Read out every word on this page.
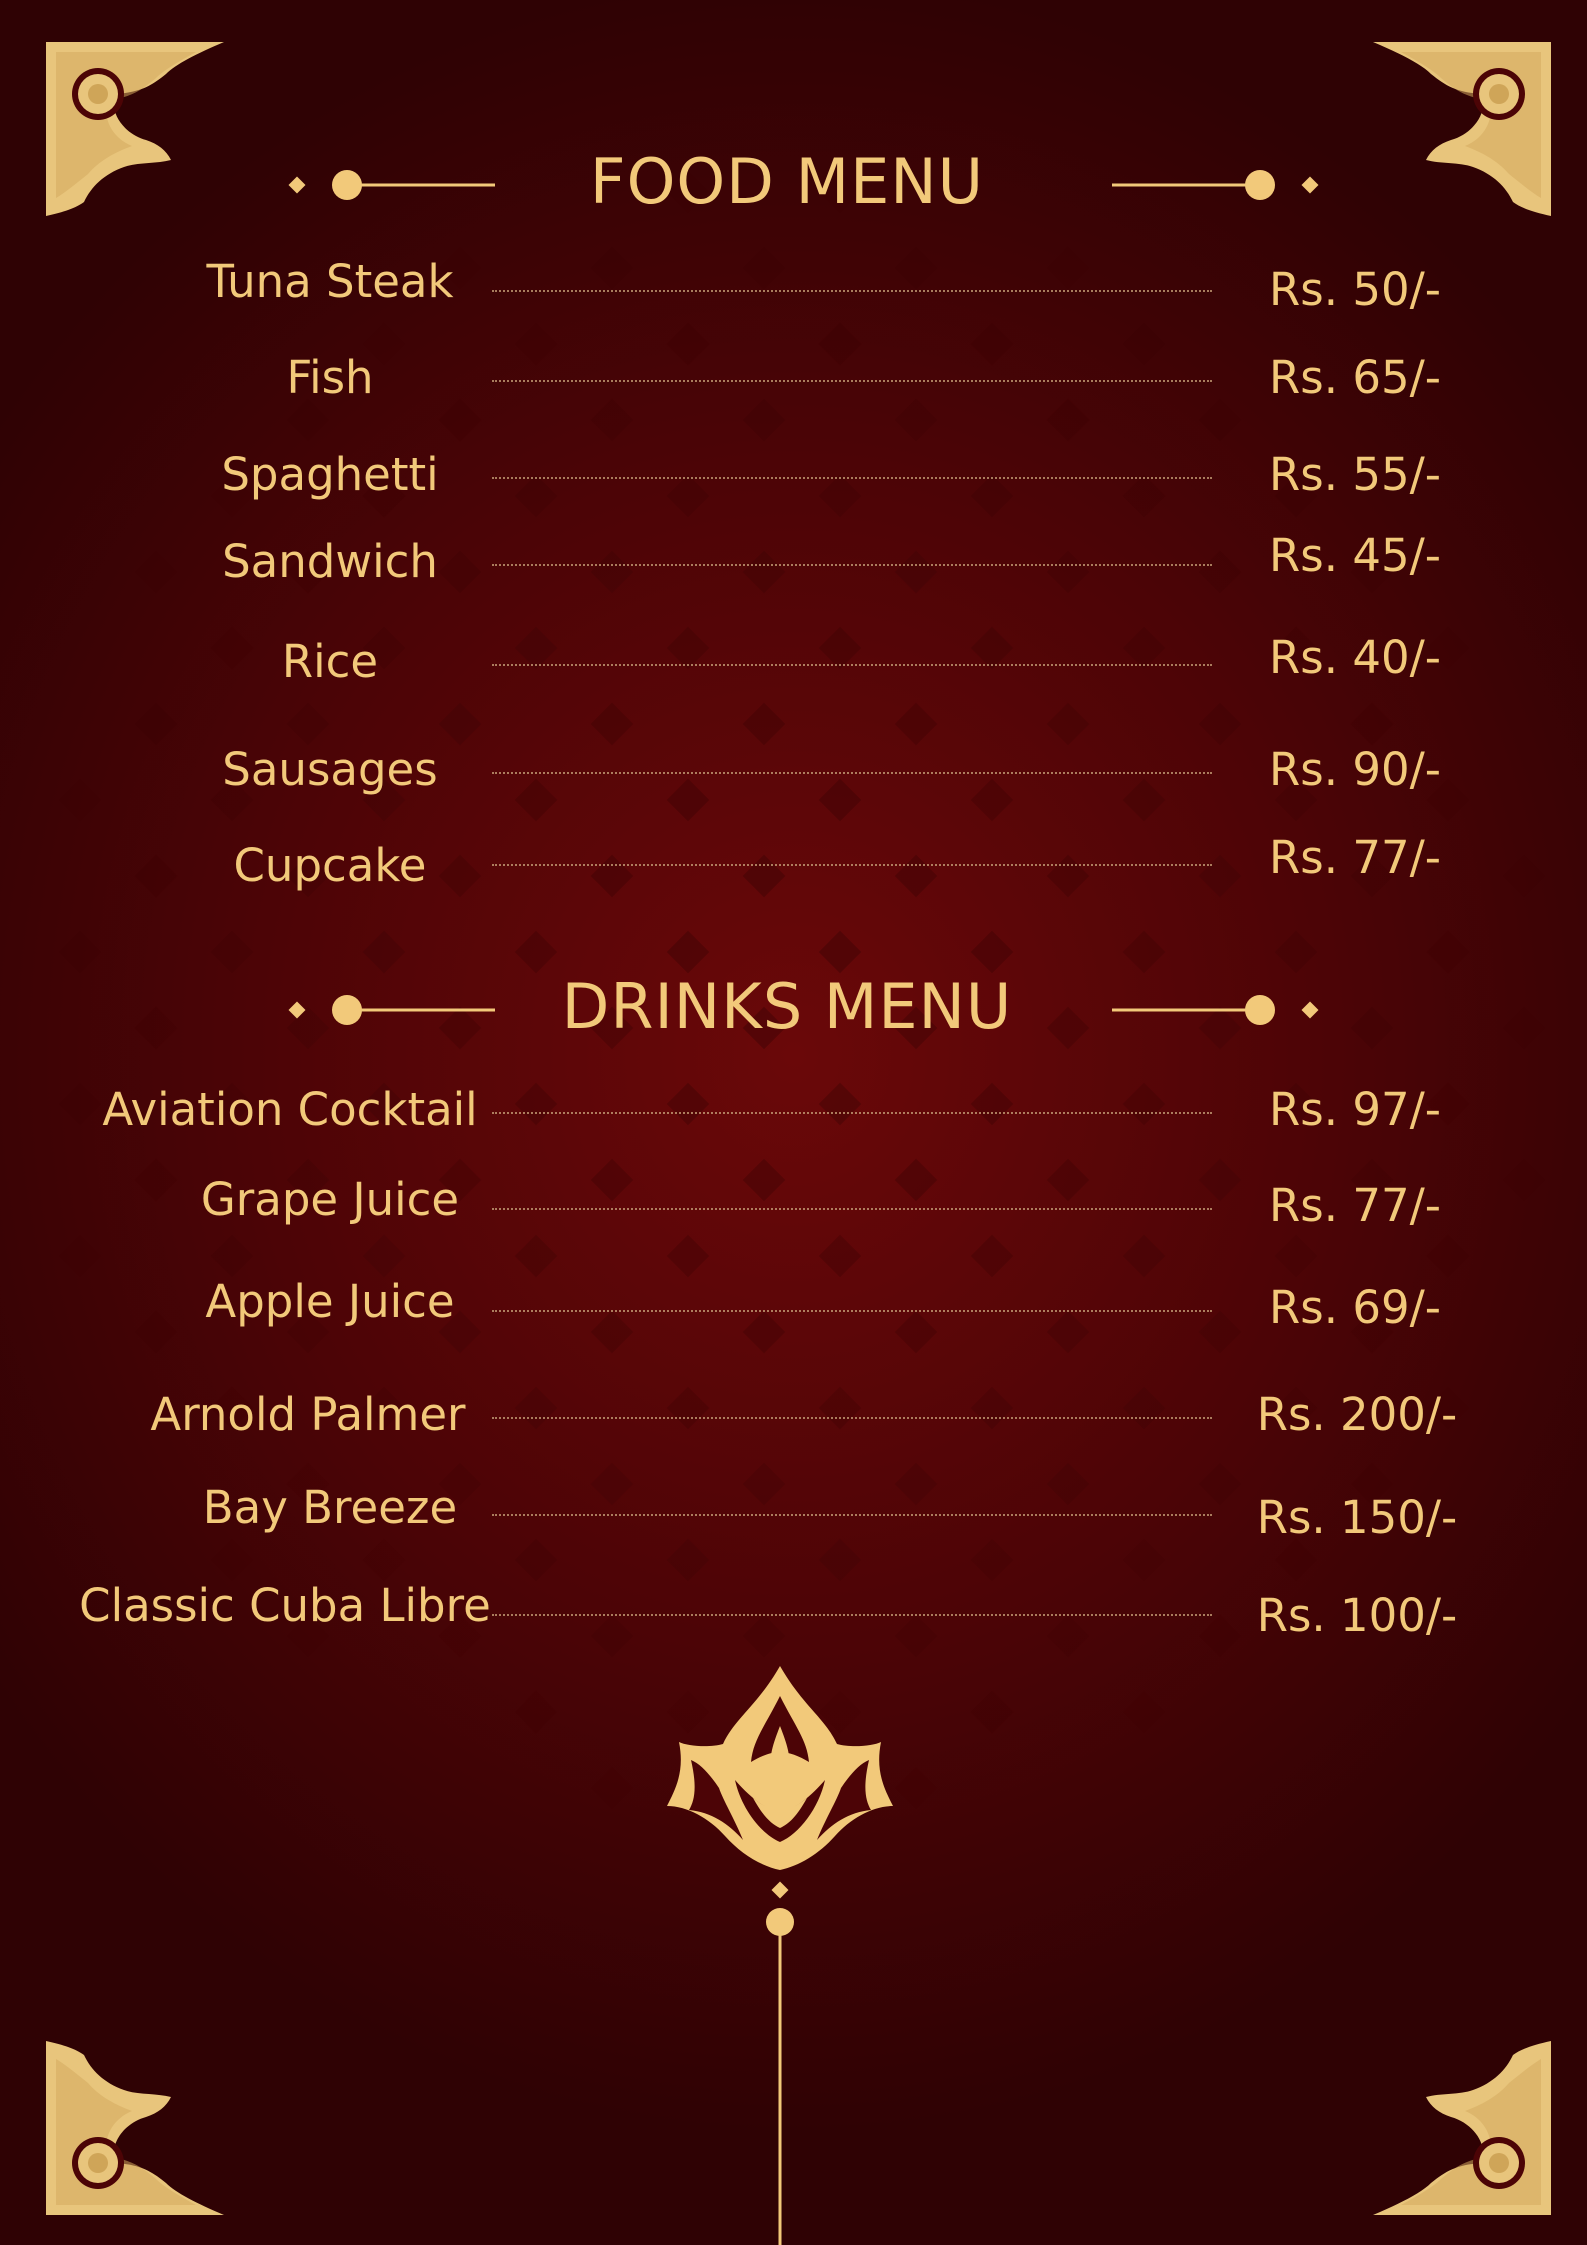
FOOD MENU
Tuna Steak	Rs. 50/-
Fish	Rs. 65/-
Spaghetti	Rs. 55/-
Sandwich	Rs. 45/-
Rice	Rs. 40/-
Sausages	Rs. 90/-
Cupcake	Rs. 77/-
DRINKS MENU
Aviation Cocktail	Rs. 97/-
Grape Juice	Rs. 77/-
Apple Juice	Rs. 69/-
Arnold Palmer	Rs. 200/-
Bay Breeze	Rs. 150/-
Classic Cuba Libre	Rs. 100/-
